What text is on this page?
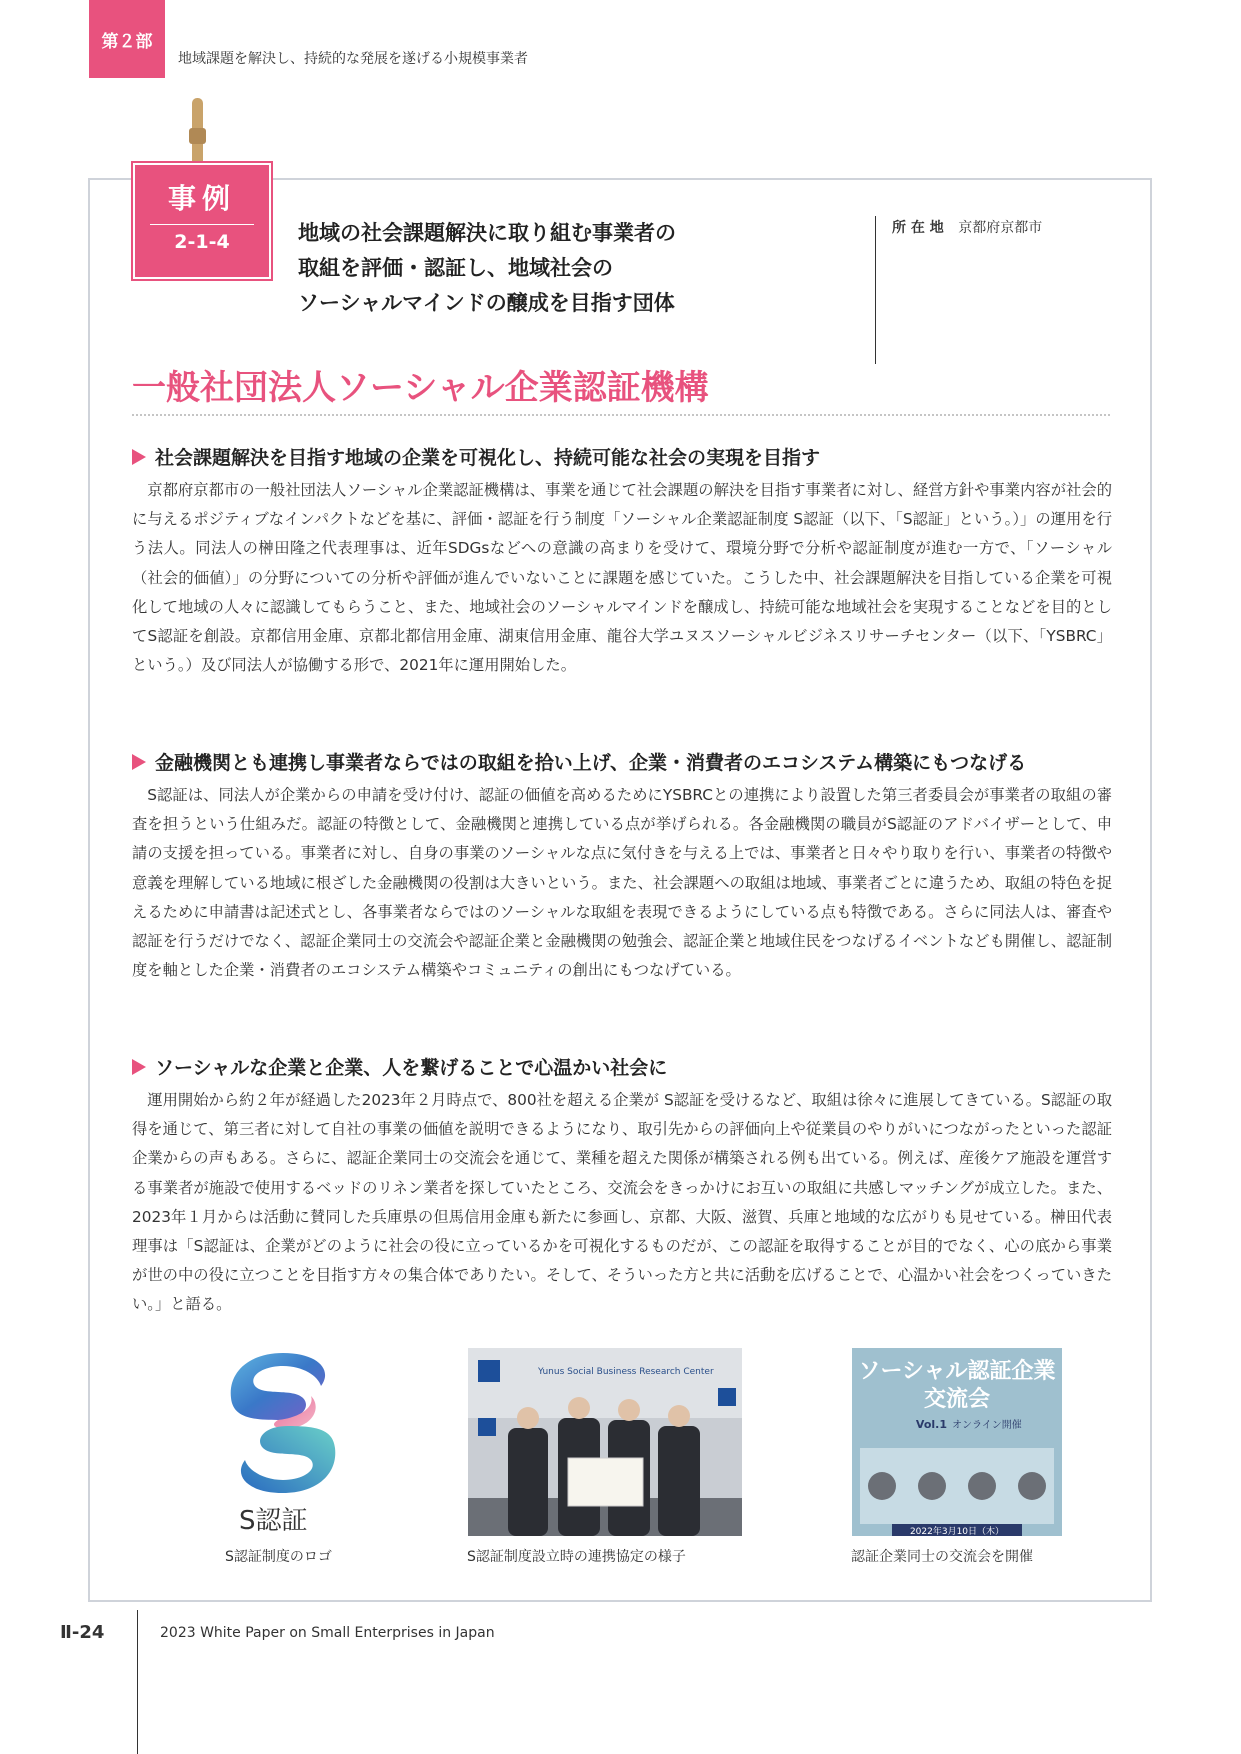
第２部
地域課題を解決し、持続的な発展を遂げる小規模事業者
事例
2-1-4	地域の社会課題解決に取り組む事業者の
取組を評価・認証し、地域社会の
ソーシャルマインドの醸成を目指す団体
所 在 地 京都府京都市
一般社団法人ソーシャル企業認証機構
社会課題解決を目指す地域の企業を可視化し、持続可能な社会の実現を目指す

京都府京都市の一般社団法人ソーシャル企業認証機構は、事業を通じて社会課題の解決を目指す事業者に対し、経営方針や事業内容が社会的に与えるポジティブなインパクトなどを基に、評価・認証を行う制度「ソーシャル企業認証制度 S認証（以下、「S認証」という。）」の運用を行う法人。同法人の榊田隆之代表理事は、近年SDGsなどへの意識の高まりを受けて、環境分野で分析や認証制度が進む一方で、「ソーシャル（社会的価値）」の分野についての分析や評価が進んでいないことに課題を感じていた。こうした中、社会課題解決を目指している企業を可視化して地域の人々に認識してもらうこと、また、地域社会のソーシャルマインドを醸成し、持続可能な地域社会を実現することなどを目的としてS認証を創設。京都信用金庫、京都北都信用金庫、湖東信用金庫、龍谷大学ユヌスソーシャルビジネスリサーチセンター（以下、「YSBRC」という。）及び同法人が協働する形で、2021年に運用開始した。

金融機関とも連携し事業者ならではの取組を拾い上げ、企業・消費者のエコシステム構築にもつなげる

S認証は、同法人が企業からの申請を受け付け、認証の価値を高めるためにYSBRCとの連携により設置した第三者委員会が事業者の取組の審査を担うという仕組みだ。認証の特徴として、金融機関と連携している点が挙げられる。各金融機関の職員がS認証のアドバイザーとして、申請の支援を担っている。事業者に対し、自身の事業のソーシャルな点に気付きを与える上では、事業者と日々やり取りを行い、事業者の特徴や意義を理解している地域に根ざした金融機関の役割は大きいという。また、社会課題への取組は地域、事業者ごとに違うため、取組の特色を捉えるために申請書は記述式とし、各事業者ならではのソーシャルな取組を表現できるようにしている点も特徴である。さらに同法人は、審査や認証を行うだけでなく、認証企業同士の交流会や認証企業と金融機関の勉強会、認証企業と地域住民をつなげるイベントなども開催し、認証制度を軸とした企業・消費者のエコシステム構築やコミュニティの創出にもつなげている。

ソーシャルな企業と企業、人を繋げることで心温かい社会に

運用開始から約２年が経過した2023年２月時点で、800社を超える企業が S認証を受けるなど、取組は徐々に進展してきている。S認証の取得を通じて、第三者に対して自社の事業の価値を説明できるようになり、取引先からの評価向上や従業員のやりがいにつながったといった認証企業からの声もある。さらに、認証企業同士の交流会を通じて、業種を超えた関係が構築される例も出ている。例えば、産後ケア施設を運営する事業者が施設で使用するベッドのリネン業者を探していたところ、交流会をきっかけにお互いの取組に共感しマッチングが成立した。また、2023年１月からは活動に賛同した兵庫県の但馬信用金庫も新たに参画し、京都、大阪、滋賀、兵庫と地域的な広がりも見せている。榊田代表理事は「S認証は、企業がどのように社会の役に立っているかを可視化するものだが、この認証を取得することが目的でなく、心の底から事業が世の中の役に立つことを目指す方々の集合体でありたい。そして、そういった方と共に活動を広げることで、心温かい社会をつくっていきたい。」と語る。

S認証
S認証制度のロゴ
Yunus Social Business Research Center
S認証制度設立時の連携協定の様子
ソーシャル認証企業
交流会
Vol.1 オンライン開催
2022年3月10日（木）
認証企業同士の交流会を開催
Ⅱ-24	2023 White Paper on Small Enterprises in Japan
